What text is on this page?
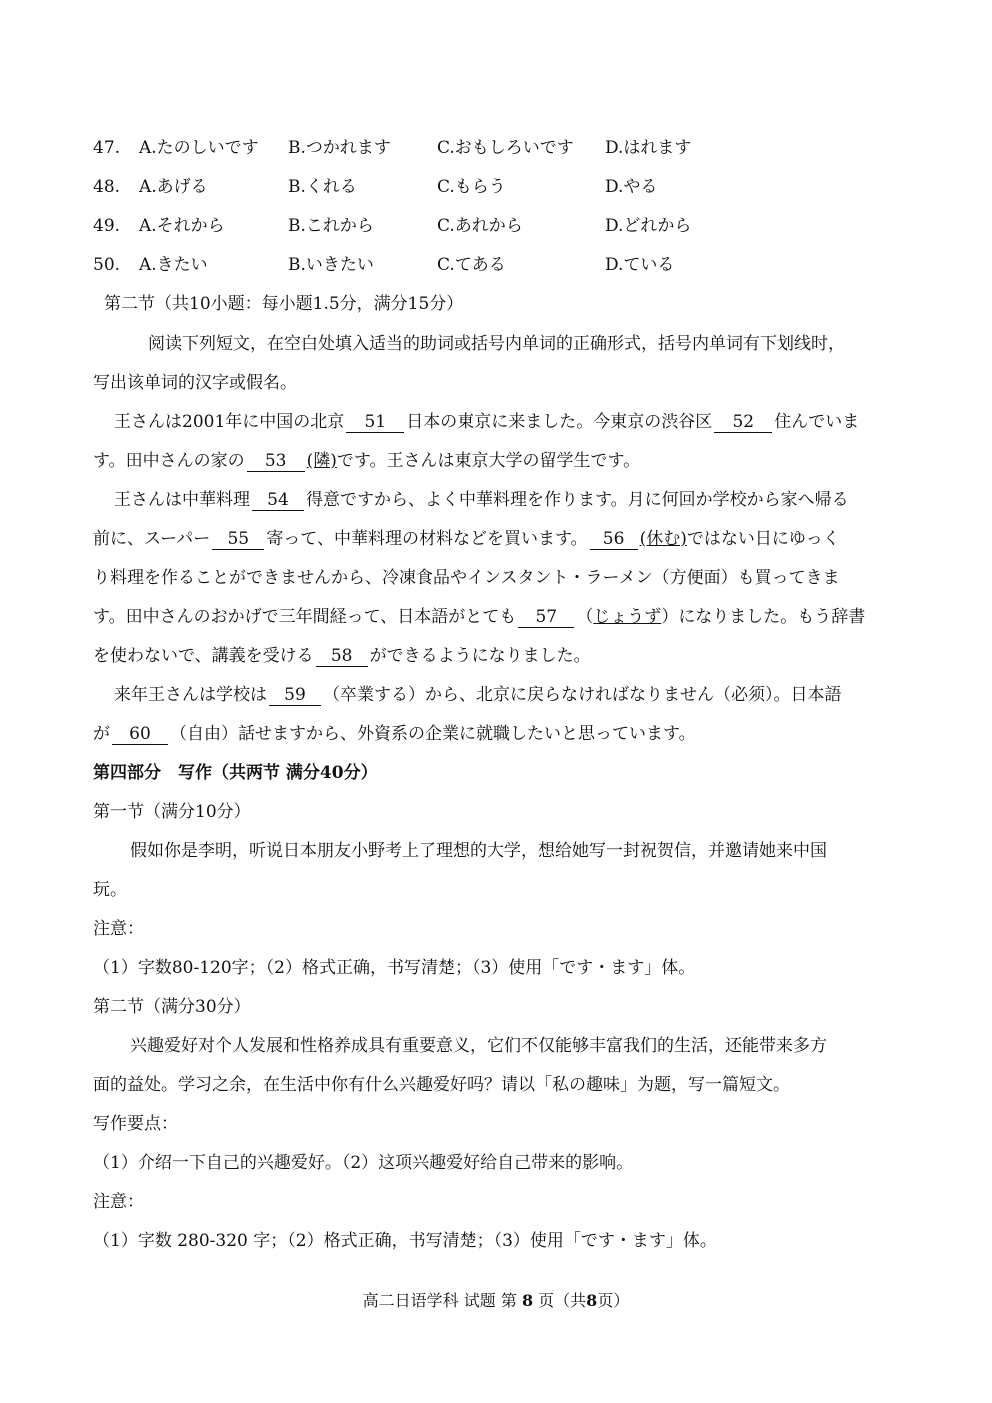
47. A.たのしいです B.つかれます	C.おもしろいです D.はれます
48. A.あげる	B.くれる	C.もらう	D.やる
49. A.それから	B.これから	C.あれから	D.どれから
50. A.きたい	B.いきたい	C.てある	D.ている
第二节（共10小题：每小题1.5分，满分15分）
阅读下列短文，在空白处填入适当的助词或括号内单词的正确形式，括号内单词有下划线时，
写出该单词的汉字或假名。
王さんは2001年に中国の北京 51 日本の東京に来ました。今東京の渋谷区 52 住んでいま
す。田中さんの家の 53 (隣)です。王さんは東京大学の留学生です。
王さんは中華料理 54 得意ですから、よく中華料理を作ります。月に何回か学校から家へ帰る
前に、スーパー 55 寄って、中華料理の材料などを買います。 56 (休む)ではない日にゆっく
り料理を作ることができませんから、冷凍食品やインスタント・ラーメン（方便面）も買ってきま
す。田中さんのおかげで三年間経って、日本語がとても 57 （じょうず）になりました。もう辞書
を使わないで、講義を受ける 58 ができるようになりました。
来年王さんは学校は 59 （卒業する）から、北京に戻らなければなりません（必须）。日本語
が 60 （自由）話せますから、外資系の企業に就職したいと思っています。
第四部分　写作（共两节 满分40分）
第一节（满分10分）
假如你是李明，听说日本朋友小野考上了理想的大学，想给她写一封祝贺信，并邀请她来中国
玩。
注意：
（1）字数80-120字；（2）格式正确，书写清楚；（3）使用「です・ます」体。
第二节（满分30分）
兴趣爱好对个人发展和性格养成具有重要意义，它们不仅能够丰富我们的生活，还能带来多方
面的益处。学习之余，在生活中你有什么兴趣爱好吗？请以「私の趣味」为题，写一篇短文。
写作要点：
（1）介绍一下自己的兴趣爱好。（2）这项兴趣爱好给自己带来的影响。
注意：
（1）字数 280-320 字；（2）格式正确，书写清楚；（3）使用「です・ます」体。
高二日语学科 试题 第 8 页（共8页）
